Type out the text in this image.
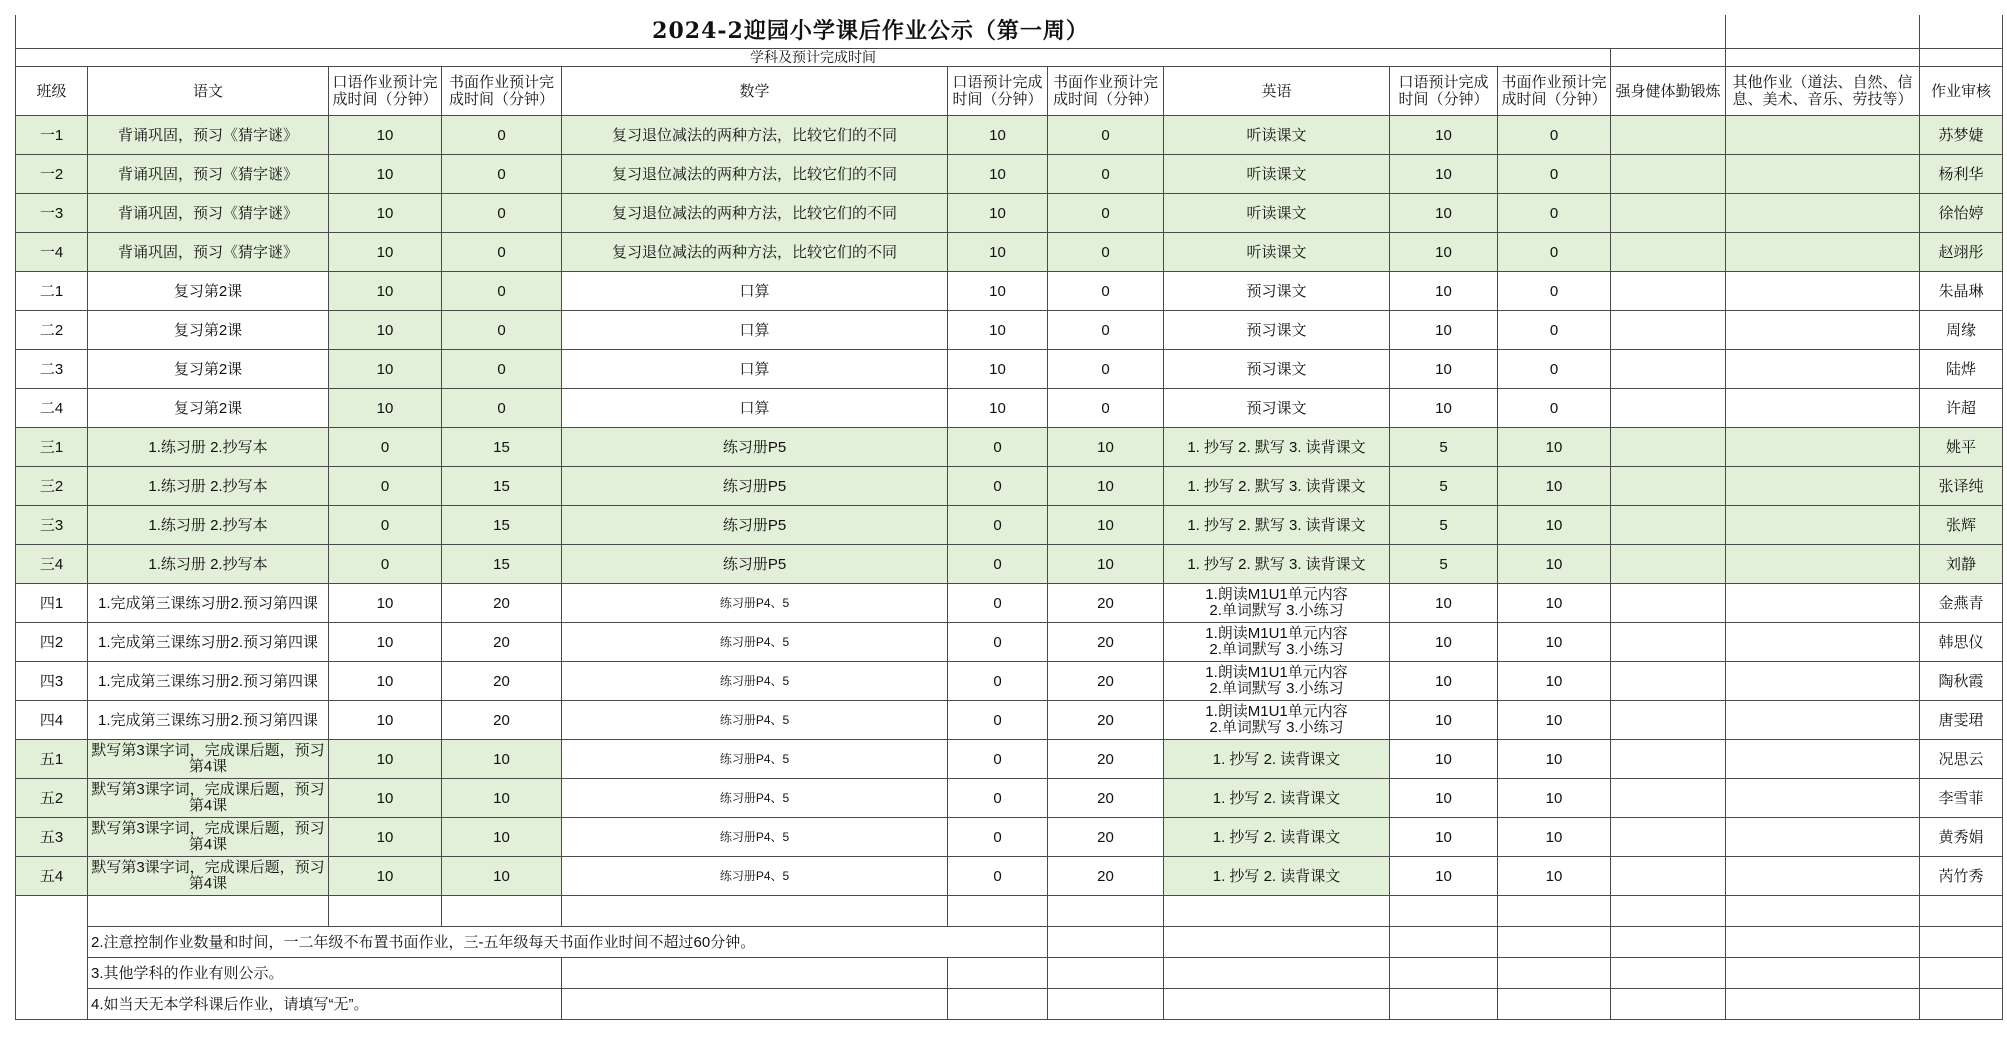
2024-2迎园小学课后作业公示（第一周）												
学科及预计完成时间												
班级	语文	口语作业预计完成时间（分钟）	书面作业预计完成时间（分钟）	数学	口语预计完成时间（分钟）	书面作业预计完成时间（分钟）	英语	口语预计完成时间（分钟）	书面作业预计完成时间（分钟）	强身健体勤锻炼	其他作业（道法、自然、信息、美术、音乐、劳技等）	作业审核
一1	背诵巩固，预习《猜字谜》	10	0	复习退位减法的两种方法，比较它们的不同	10	0	听读课文	10	0			苏梦婕
一2	背诵巩固，预习《猜字谜》	10	0	复习退位减法的两种方法，比较它们的不同	10	0	听读课文	10	0			杨利华
一3	背诵巩固，预习《猜字谜》	10	0	复习退位减法的两种方法，比较它们的不同	10	0	听读课文	10	0			徐怡婷
一4	背诵巩固，预习《猜字谜》	10	0	复习退位减法的两种方法，比较它们的不同	10	0	听读课文	10	0			赵翊彤
二1	复习第2课	10	0	口算	10	0	预习课文	10	0			朱晶琳
二2	复习第2课	10	0	口算	10	0	预习课文	10	0			周缘
二3	复习第2课	10	0	口算	10	0	预习课文	10	0			陆烨
二4	复习第2课	10	0	口算	10	0	预习课文	10	0			许超
三1	1.练习册 2.抄写本	0	15	练习册P5	0	10	1. 抄写 2. 默写 3. 读背课文	5	10			姚平
三2	1.练习册 2.抄写本	0	15	练习册P5	0	10	1. 抄写 2. 默写 3. 读背课文	5	10			张译纯
三3	1.练习册 2.抄写本	0	15	练习册P5	0	10	1. 抄写 2. 默写 3. 读背课文	5	10			张辉
三4	1.练习册 2.抄写本	0	15	练习册P5	0	10	1. 抄写 2. 默写 3. 读背课文	5	10			刘静
四1	1.完成第三课练习册2.预习第四课	10	20	练习册P4、5	0	20	1.朗读M1U1单元内容
2.单词默写 3.小练习	10	10			金燕青
四2	1.完成第三课练习册2.预习第四课	10	20	练习册P4、5	0	20	1.朗读M1U1单元内容
2.单词默写 3.小练习	10	10			韩思仪
四3	1.完成第三课练习册2.预习第四课	10	20	练习册P4、5	0	20	1.朗读M1U1单元内容
2.单词默写 3.小练习	10	10			陶秋霞
四4	1.完成第三课练习册2.预习第四课	10	20	练习册P4、5	0	20	1.朗读M1U1单元内容
2.单词默写 3.小练习	10	10			唐雯珺
五1	默写第3课字词，完成课后题，预习
第4课	10	10	练习册P4、5	0	20	1. 抄写 2. 读背课文	10	10			况思云
五2	默写第3课字词，完成课后题，预习
第4课	10	10	练习册P4、5	0	20	1. 抄写 2. 读背课文	10	10			李雪菲
五3	默写第3课字词，完成课后题，预习
第4课	10	10	练习册P4、5	0	20	1. 抄写 2. 读背课文	10	10			黄秀娟
五4	默写第3课字词，完成课后题，预习
第4课	10	10	练习册P4、5	0	20	1. 抄写 2. 读背课文	10	10			芮竹秀

	2.注意控制作业数量和时间，一二年级不布置书面作业，三-五年级每天书面作业时间不超过60分钟。											
	3.其他学科的作业有则公示。											
	4.如当天无本学科课后作业，请填写“无”。											
